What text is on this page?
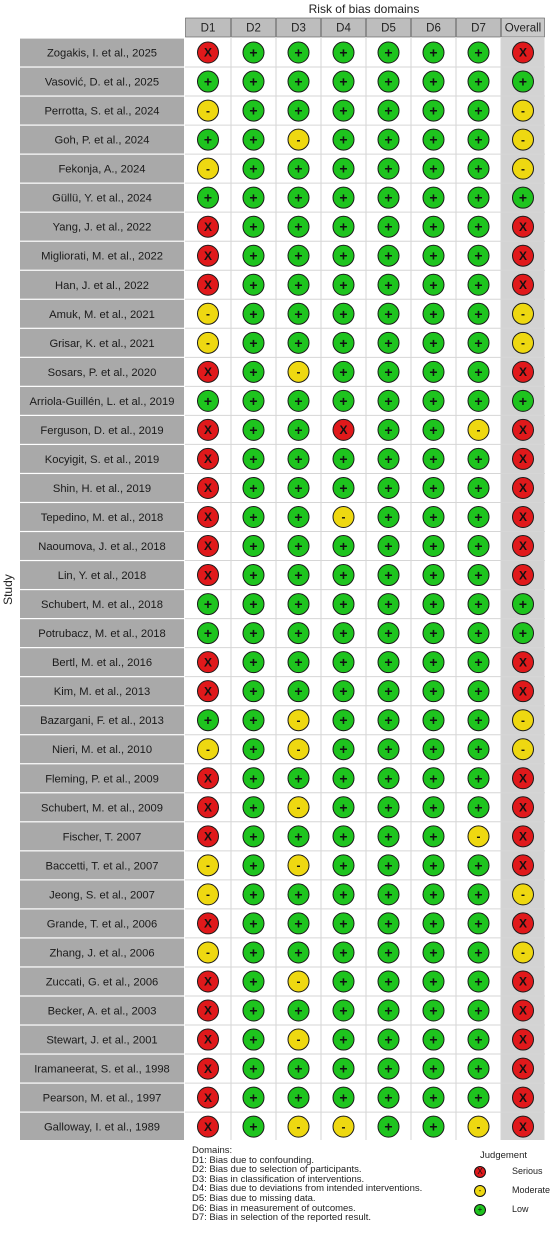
Risk of bias domains
Study
D1	D2	D3	D4	D5	D6	D7 Overall
Zogakis, I. et al., 2025	X	+	+	+	+	+	+	X
Vasović, D. et al., 2025	+	+	+	+	+	+	+	+
Perrotta, S. et al., 2024	-	+	+	+	+	+	+	-
Goh, P. et al., 2024	+	+	-	+	+	+	+	-
Fekonja, A., 2024	-	+	+	+	+	+	+	-
Güllü, Y. et al., 2024	+	+	+	+	+	+	+	+
Yang, J. et al., 2022	X	+	+	+	+	+	+	X
Migliorati, M. et al., 2022	X	+	+	+	+	+	+	X
Han, J. et al., 2022	X	+	+	+	+	+	+	X
Amuk, M. et al., 2021	-	+	+	+	+	+	+	-
Grisar, K. et al., 2021	-	+	+	+	+	+	+	-
Sosars, P. et al., 2020	X	+	-	+	+	+	+	X
Arriola-Guillén, L. et al., 2019 +	+	+	+	+	+	+	+
Ferguson, D. et al., 2019	X	+	+	X	+	+	-	X
Kocyigit, S. et al., 2019	X	+	+	+	+	+	+	X
Shin, H. et al., 2019	X	+	+	+	+	+	+	X
Tepedino, M. et al., 2018	X	+	+	-	+	+	+	X
Naoumova, J. et al., 2018	X	+	+	+	+	+	+	X
Lin, Y. et al., 2018	X	+	+	+	+	+	+	X
Schubert, M. et al., 2018	+	+	+	+	+	+	+	+
Potrubacz, M. et al., 2018	+	+	+	+	+	+	+	+
Bertl, M. et al., 2016	X	+	+	+	+	+	+	X
Kim, M. et al., 2013	X	+	+	+	+	+	+	X
Bazargani, F. et al., 2013	+	+	-	+	+	+	+	-
Nieri, M. et al., 2010	-	+	-	+	+	+	+	-
Fleming, P. et al., 2009	X	+	+	+	+	+	+	X
Schubert, M. et al., 2009	X	+	-	+	+	+	+	X
Fischer, T. 2007	X	+	+	+	+	+	-	X
Baccetti, T. et al., 2007	-	+	-	+	+	+	+	X
Jeong, S. et al., 2007	-	+	+	+	+	+	+	-
Grande, T. et al., 2006	X	+	+	+	+	+	+	X
Zhang, J. et al., 2006	-	+	+	+	+	+	+	-
Zuccati, G. et al., 2006	X	+	-	+	+	+	+	X
Becker, A. et al., 2003	X	+	+	+	+	+	+	X
Stewart, J. et al., 2001	X	+	-	+	+	+	+	X
Iramaneerat, S. et al., 1998	X	+	+	+	+	+	+	X
Pearson, M. et al., 1997	X	+	+	+	+	+	+	X
Galloway, I. et al., 1989	X	+	-	-	+	+	-	X
Domains:
D1: Bias due to confounding.
D2: Bias due to selection of participants.
D3: Bias in classification of interventions.
D4: Bias due to deviations from intended interventions.
D5: Bias due to missing data.
D6: Bias in measurement of outcomes.
D7: Bias in selection of the reported result.
Judgement
X	Serious
-	Moderate
+	Low
